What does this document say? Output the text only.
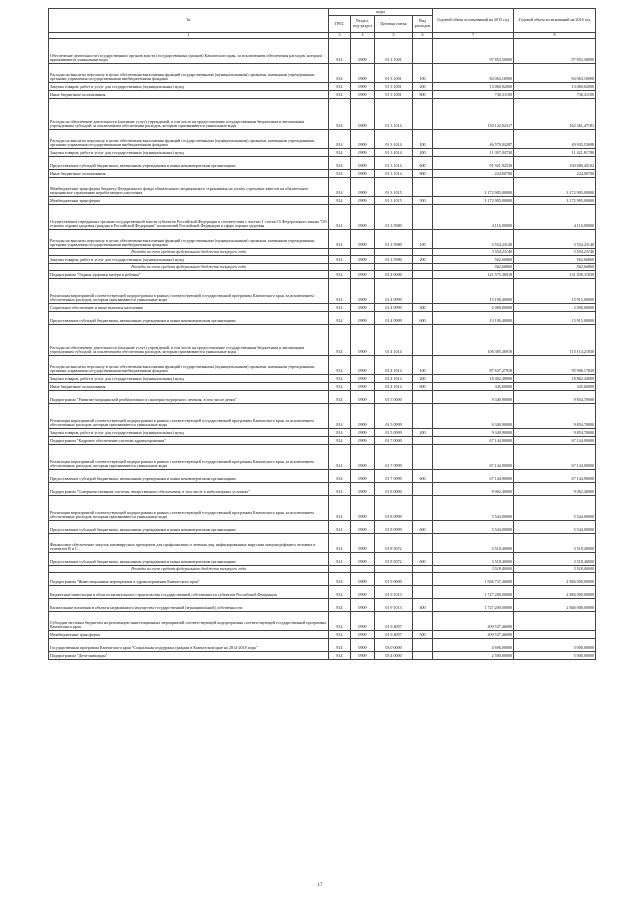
№	коды				Годовой объем ассигнований на 2015 год	Годовой объем ассигнований на 2016 год
	ГРБС	Раздел, под-раздел	Целевая статья	Вид расходов		
1	3	4	5	6	7	8
Обеспечение деятельности государственных органов власти (государственных органов) Камчатского края, за исключением обеспечения расходов, которым присваиваются уникальные коды	814	0909	01 3 1001		97 853,50000	97 853,50000
Расходы на выплаты персоналу в целях обеспечения выполнения функций государственными (муниципальными) органами, казенными учреждениями, органами управления государственными внебюджетными фондами	814	0909	01 3 1001	100	84 063,16900	84 063,16900
Закупка товаров, работ и услуг для государственных (муниципальных) нужд	814	0909	01 3 1001	200	13 060,02000	13 060,02000
Иные бюджетные ассигнования	814	0909	01 3 1001	800	730,31100	730,31100
Расходы на обеспечение деятельности (оказание услуг) учреждений, в том числе на предоставление государственным бюджетным и автономным учреждениям субсидий, за исключением обеспечения расходов, которым присваиваются уникальные коды	814	0909	01 3 1014		150 122,02317	162 361,47181
Расходы на выплаты персоналу в целях обеспечения выполнения функций государственными (муниципальными) органами, казенными учреждениями, органами управления государственными внебюджетными фондами	814	0909	01 3 1014	100	46 579,04287	49 935,53698
Закупка товаров, работ и услуг для государственных (муниципальных) нужд	814	0909	01 3 1014	200	11 397,04730	11 421,81780
Предоставление субсидий бюджетным, автономным учреждениям и иным некоммерческим организациям	814	0909	01 3 1014	600	91 921,92530	100 680,45102
Иные бюджетные ассигнования	814	0909	01 3 1014	800	224,00700	224,00700
Межбюджетные трансферты бюджету Федерального фонда обязательного медицинского страхования на уплату страховых взносов на обязательное медицинское страхование неработающего населения	814	0909	01 3 1015		3 172 905,00000	3 172 905,00000
Межбюджетные трансферты	814	0909	01 3 1015	500	3 172 905,00000	3 172 905,00000
Осуществление переданных органам государственной власти субъектов Российской Федерации в соответствии с частью 1 статьи 15 Федерального закона "Об основах охраны здоровья граждан в Российской Федерации" полномочий Российской Федерации в сфере охраны здоровья	814	0909	01 3 5980		4 116,90000	4 116,90000
Расходы на выплаты персоналу в целях обеспечения выполнения функций государственными (муниципальными) органами, казенными учреждениями, органами управления государственными внебюджетными фондами	814	0909	01 3 5980	100	3 554,23140	3 554,23140
Расходы за счет средств федерального бюджета текущего года					3 554,23140	3 554,23140
Закупка товаров, работ и услуг для государственных (муниципальных) нужд	814	0909	01 3 5980	200	562,66860	562,66860
Расходы за счет средств федерального бюджета текущего года					562,66860	562,66860
Подпрограмма "Охрана здоровья матери и ребенка"	814	0909	01 4 0000		121 575,36918	131 030,11830
Реализация мероприятий соответствующей подпрограммы в рамках соответствующей государственной программы Камчатского края, за исключением обеспеченных расходов, которым присваиваются уникальные коды	814	0909	01 4 0999		15 190,40000	15 915,00000
Социальное обеспечение и иные выплаты населению	814	0909	01 4 0999	300	2 000,00000	2 000,00000
Предоставление субсидий бюджетным, автономным учреждениям и иным некоммерческим организациям	814	0909	01 4 0999	600	13 190,40000	13 915,00000
Расходы на обеспечение деятельности (оказание услуг) учреждений, в том числе на предоставление государственным бюджетным и автономным учреждениям субсидий, за исключением обеспечения расходов, которым присваиваются уникальные коды	814	0909	01 4 1014		106 385,36918	115 114,21830
Расходы на выплаты персоналу в целях обеспечения выполнения функций государственными (муниципальными) органами, казенными учреждениями, органами управления государственными внебюджетными фондами	814	0909	01 4 1014	100	87 637,27918	95 906,17830
Закупка товаров, работ и услуг для государственных (муниципальных) нужд	814	0909	01 4 1014	200	18 402,49000	18 862,44000
Иные бюджетные ассигнования	814	0909	01 4 1014	800	345,60000	345,60000
Подпрограмма "Развитие медицинской реабилитации и санаторно-курортного лечения, в том числе детям"	814	0909	01 5 0000		9 340,90000	9 854,70000
Реализация мероприятий соответствующей подпрограммы в рамках соответствующей государственной программы Камчатского края, за исключением обеспеченных расходов, которым присваиваются уникальные коды	814	0909	01 5 0999		9 340,90000	9 854,70000
Закупка товаров, работ и услуг для государственных (муниципальных) нужд	814	0909	01 5 0999	200	9 340,90000	9 854,70000
Подпрограмма "Кадровое обеспечение системы здравоохранения"	814	0909	01 7 0000		67 144,90000	67 144,90000
Реализация мероприятий соответствующей подпрограммы в рамках соответствующей государственной программы Камчатского края, за исключением обеспеченных расходов, которым присваиваются уникальные коды	814	0909	01 7 0999		67 144,90000	67 144,90000
Предоставление субсидий бюджетным, автономным учреждениям и иным некоммерческим организациям	814	0909	01 7 0999	600	67 144,90000	67 144,90000
Подпрограмма "Совершенствование системы лекарственного обеспечения, в том числе в амбулаторных условиях"	814	0909	01 8 0000		9 062,40000	9 062,40000
Реализация мероприятий соответствующей подпрограммы в рамках соответствующей государственной программы Камчатского края, за исключением обеспеченных расходов, которым присваиваются уникальные коды	814	0909	01 8 0999		5 544,00000	5 544,00000
Предоставление субсидий бюджетным, автономным учреждениям и иным некоммерческим организациям	814	0909	01 8 0999	600	5 544,00000	5 544,00000
Финансовое обеспечение закупок антивирусных препаратов для профилактики и лечения лиц, инфицированных вирусами иммунодефицита человека и гепатитов B и C	814	0909	01 8 5072		3 518,40000	3 518,40000
Предоставление субсидий бюджетным, автономным учреждениям и иным некоммерческим организациям	814	0909	01 8 5072	600	3 518,40000	3 518,40000
Расходы за счет средств федерального бюджета текущего года					3 518,40000	3 518,40000
Подпрограмма "Инвестиционные мероприятия в здравоохранении Камчатского края"	814	0909	01 9 0000		1 936 737,46000	2 846 000,00000
Бюджетные инвестиции в области капитального строительства государственной собственности субъектов Российской Федерации	814	0909	01 9 1013		1 727 200,00000	2 846 000,00000
Капитальные вложения в объекты недвижимого имущества государственной (муниципальной) собственности	814	0909	01 9 1013	400	1 727 200,00000	2 846 000,00000
Субсидии местным бюджетам на реализацию инвестиционных мероприятий соответствующей подпрограммы соответствующей государственной программы Камчатского края	814	0909	01 9 4007		209 537,46000	
Межбюджетные трансферты	814	0909	01 9 4007	500	209 537,46000	
Государственная программа Камчатского края "Социальная поддержка граждан в Камчатском крае на 2014-2018 годы"	814	0909	03 0 0000		4 696,00000	5 000,00000
Подпрограмма "Дети-инвалиды"	814	0909	03 4 0000		2 500,00000	5 000,00000
17
